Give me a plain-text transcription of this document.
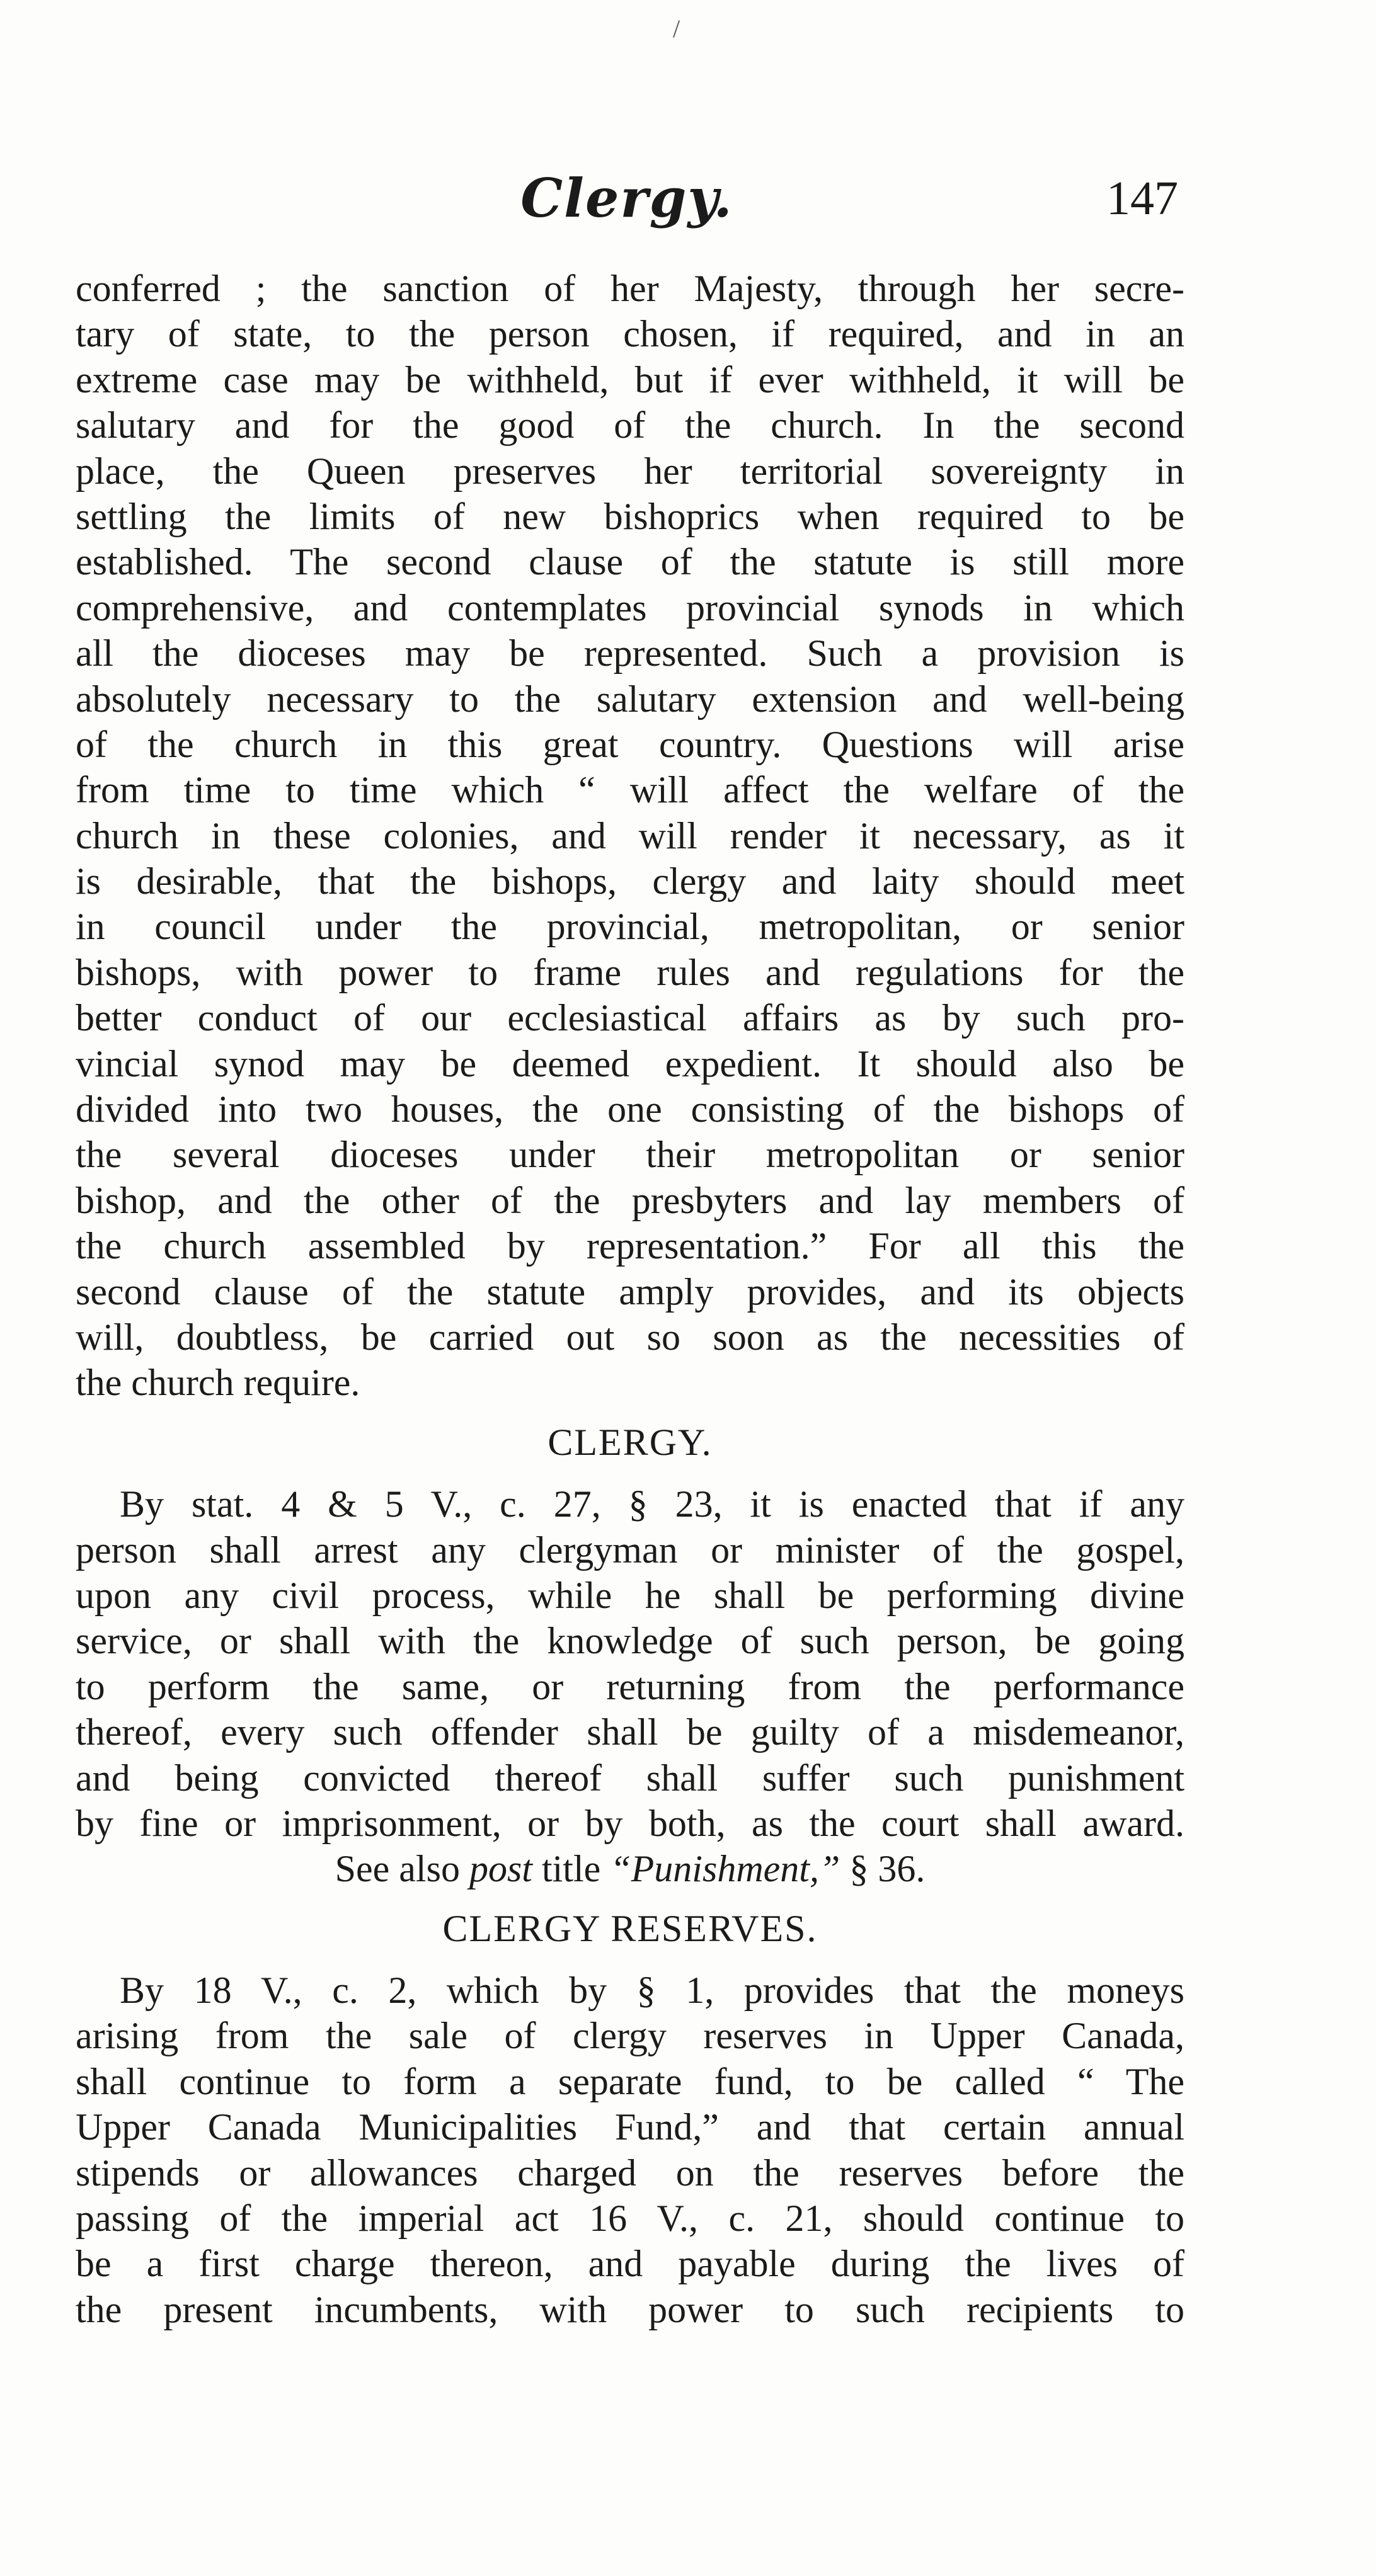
/
Clergy.	147
conferred ; the sanction of her Majesty, through her secre-
tary of state, to the person chosen, if required, and in an
extreme case may be withheld, but if ever withheld, it will be
salutary and for the good of the church. In the second
place, the Queen preserves her territorial sovereignty in
settling the limits of new bishoprics when required to be
established. The second clause of the statute is still more
comprehensive, and contemplates provincial synods in which
all the dioceses may be represented. Such a provision is
absolutely necessary to the salutary extension and well-being
of the church in this great country. Questions will arise
from time to time which “ will affect the welfare of the
church in these colonies, and will render it necessary, as it
is desirable, that the bishops, clergy and laity should meet
in council under the provincial, metropolitan, or senior
bishops, with power to frame rules and regulations for the
better conduct of our ecclesiastical affairs as by such pro-
vincial synod may be deemed expedient. It should also be
divided into two houses, the one consisting of the bishops of
the several dioceses under their metropolitan or senior
bishop, and the other of the presbyters and lay members of
the church assembled by representation.” For all this the
second clause of the statute amply provides, and its objects
will, doubtless, be carried out so soon as the necessities of
the church require.
CLERGY.
By stat. 4 & 5 V., c. 27, § 23, it is enacted that if any
person shall arrest any clergyman or minister of the gospel,
upon any civil process, while he shall be performing divine
service, or shall with the knowledge of such person, be going
to perform the same, or returning from the performance
thereof, every such offender shall be guilty of a misdemeanor,
and being convicted thereof shall suffer such punishment
by fine or imprisonment, or by both, as the court shall award.
See also post title “Punishment,” § 36.
CLERGY RESERVES.
By 18 V., c. 2, which by § 1, provides that the moneys
arising from the sale of clergy reserves in Upper Canada,
shall continue to form a separate fund, to be called “ The
Upper Canada Municipalities Fund,” and that certain annual
stipends or allowances charged on the reserves before the
passing of the imperial act 16 V., c. 21, should continue to
be a first charge thereon, and payable during the lives of
the present incumbents, with power to such recipients to
